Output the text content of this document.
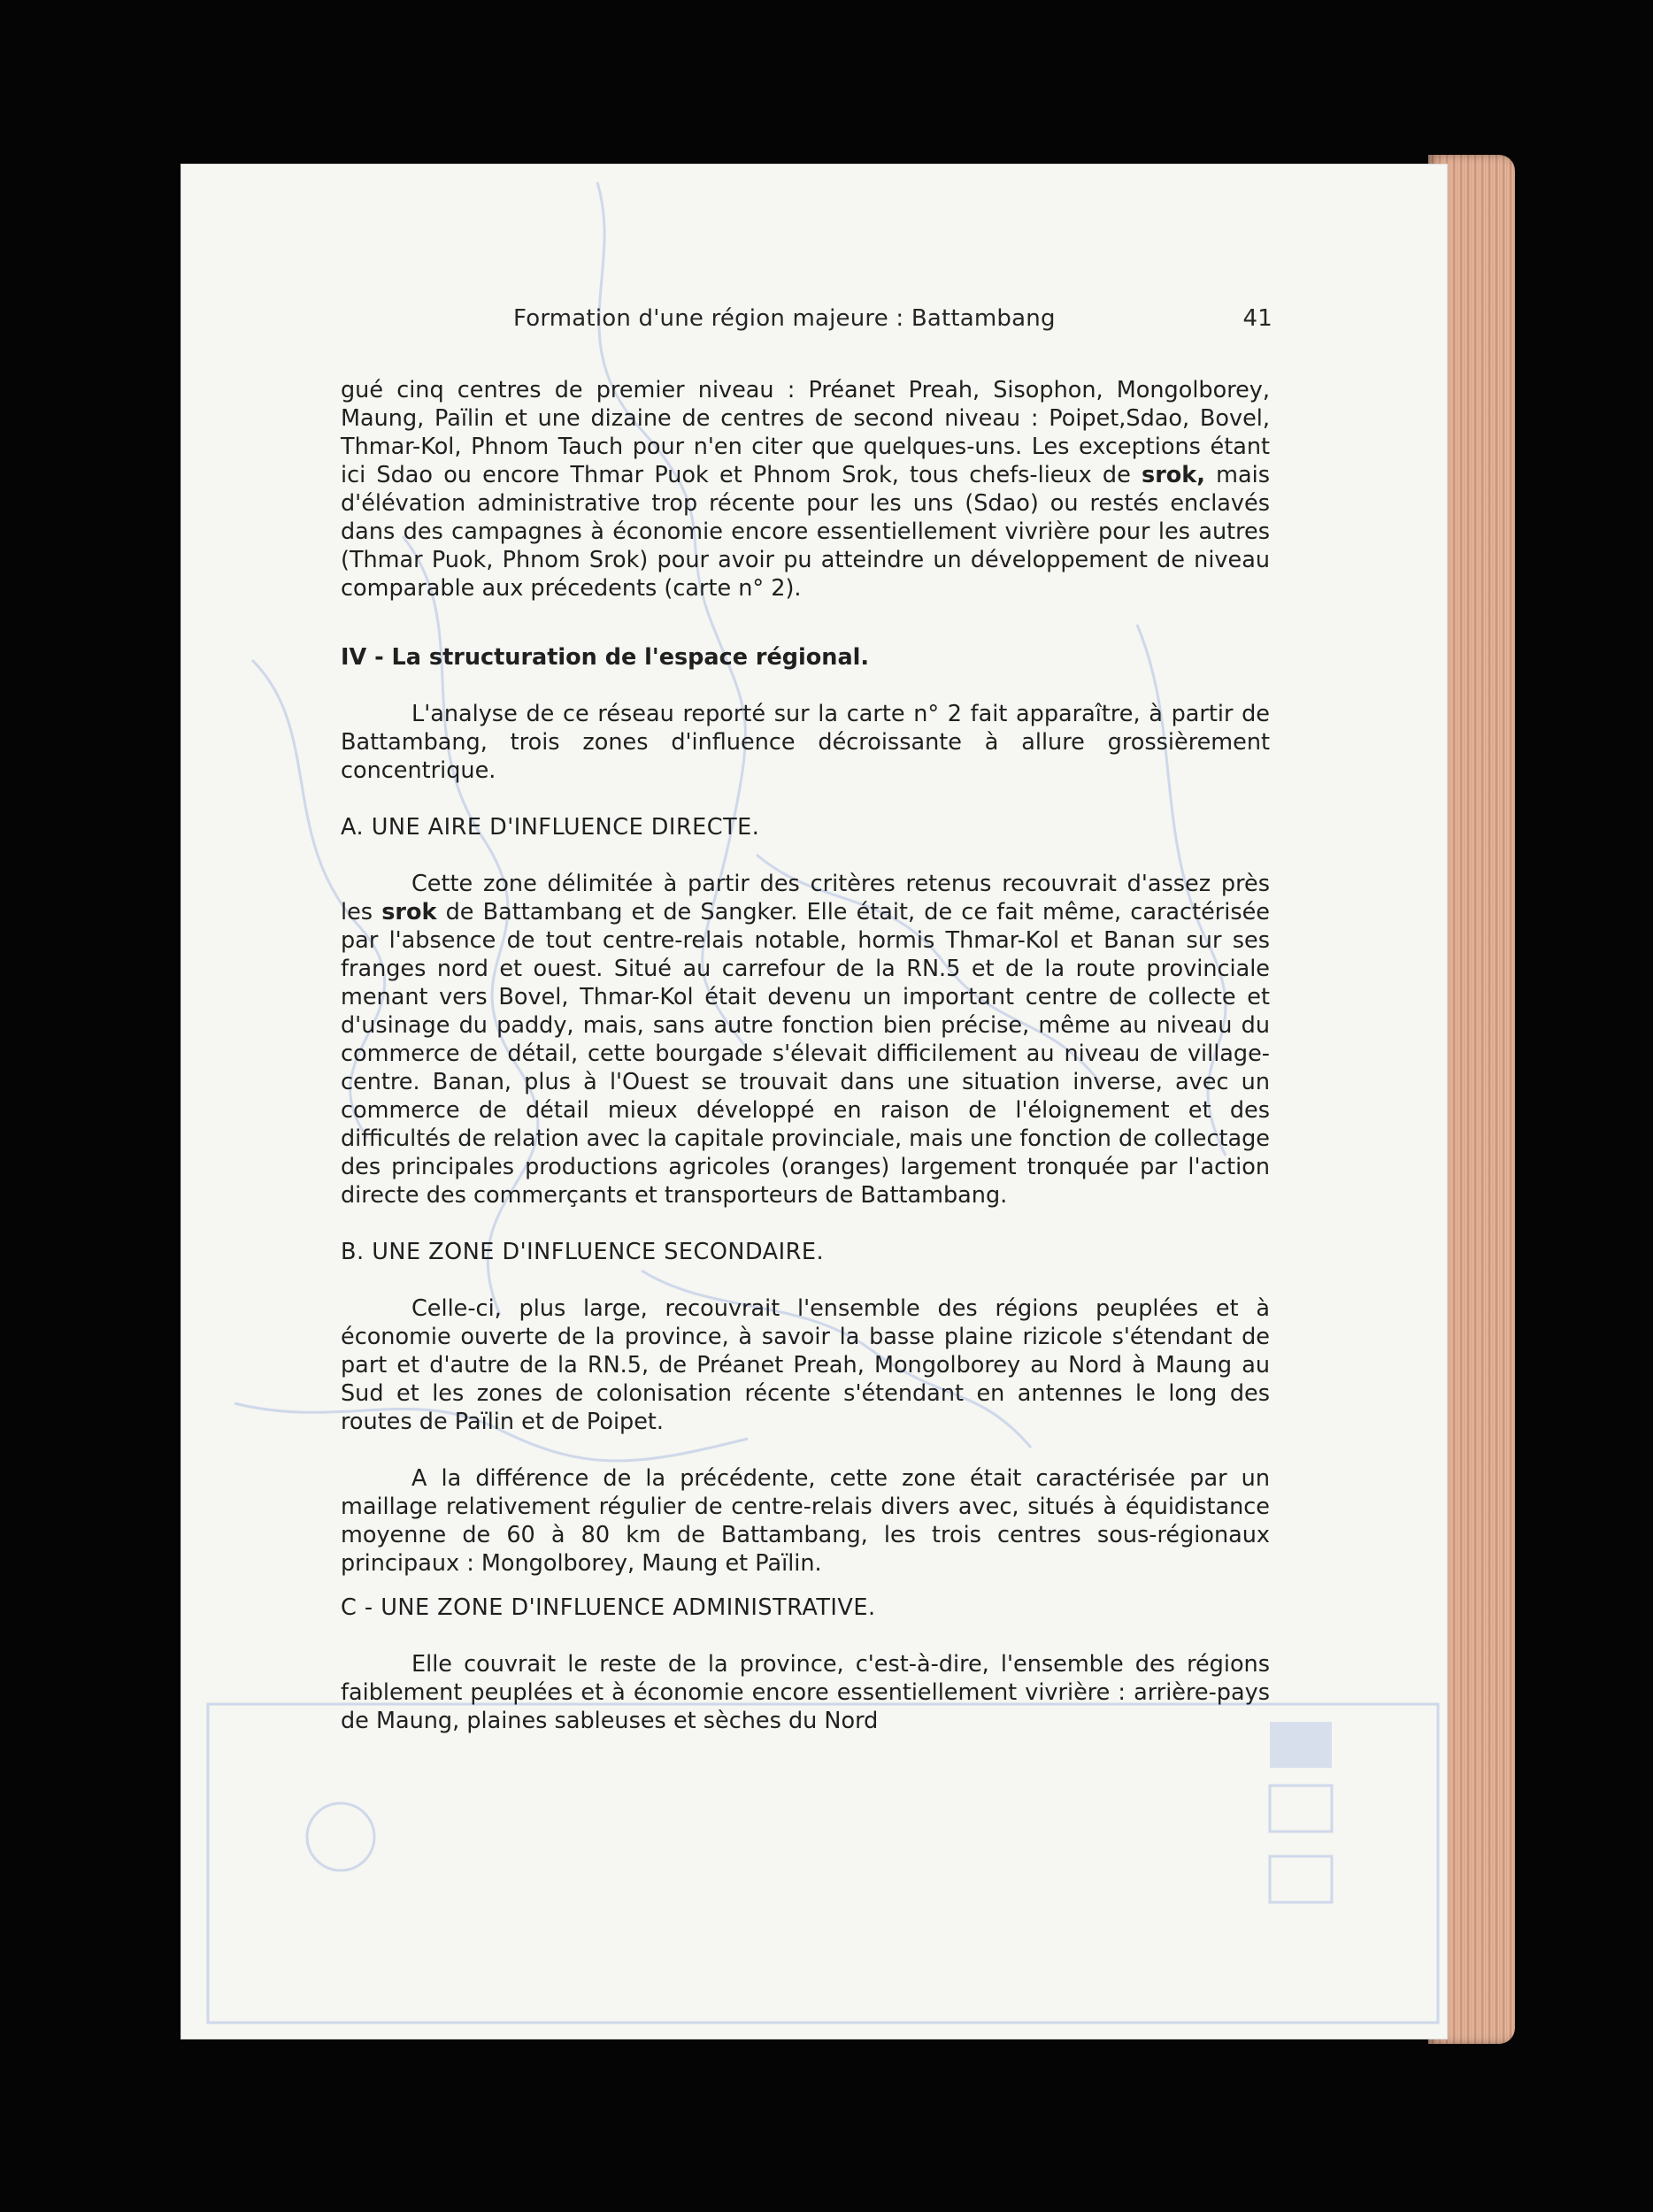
Formation d'une région majeure : Battambang	41

gué cinq centres de premier niveau : Préanet Preah, Sisophon, Mongolborey, Maung, Païlin et une dizaine de centres de second niveau : Poipet,Sdao, Bovel, Thmar-Kol, Phnom Tauch pour n'en citer que quelques-uns. Les exceptions étant ici Sdao ou encore Thmar Puok et Phnom Srok, tous chefs-lieux de srok, mais d'élévation administrative trop récente pour les uns (Sdao) ou restés enclavés dans des campagnes à économie encore essentiellement vivrière pour les autres (Thmar Puok, Phnom Srok) pour avoir pu atteindre un développement de niveau comparable aux précedents (carte n° 2).

IV - La structuration de l'espace régional.

L'analyse de ce réseau reporté sur la carte n° 2 fait apparaître, à partir de Battambang, trois zones d'influence décroissante à allure grossièrement concentrique.

A. UNE AIRE D'INFLUENCE DIRECTE.

Cette zone délimitée à partir des critères retenus recouvrait d'assez près les srok de Battambang et de Sangker. Elle était, de ce fait même, caractérisée par l'absence de tout centre-relais notable, hormis Thmar-Kol et Banan sur ses franges nord et ouest. Situé au carrefour de la RN.5 et de la route provinciale menant vers Bovel, Thmar-Kol était devenu un important centre de collecte et d'usinage du paddy, mais, sans autre fonction bien précise, même au niveau du commerce de détail, cette bourgade s'élevait difficilement au niveau de village-centre. Banan, plus à l'Ouest se trouvait dans une situation inverse, avec un commerce de détail mieux développé en raison de l'éloignement et des difficultés de relation avec la capitale provinciale, mais une fonction de collectage des principales productions agricoles (oranges) largement tronquée par l'action directe des commerçants et transporteurs de Battambang.

B. UNE ZONE D'INFLUENCE SECONDAIRE.

Celle-ci, plus large, recouvrait l'ensemble des régions peuplées et à économie ouverte de la province, à savoir la basse plaine rizicole s'étendant de part et d'autre de la RN.5, de Préanet Preah, Mongolborey au Nord à Maung au Sud et les zones de colonisation récente s'étendant en antennes le long des routes de Païlin et de Poipet.

A la différence de la précédente, cette zone était caractérisée par un maillage relativement régulier de centre-relais divers avec, situés à équidistance moyenne de 60 à 80 km de Battambang, les trois centres sous-régionaux principaux : Mongolborey, Maung et Païlin.

C - UNE ZONE D'INFLUENCE ADMINISTRATIVE.

Elle couvrait le reste de la province, c'est-à-dire, l'ensemble des régions faiblement peuplées et à économie encore essentiellement vivrière : arrière-pays de Maung, plaines sableuses et sèches du Nord
